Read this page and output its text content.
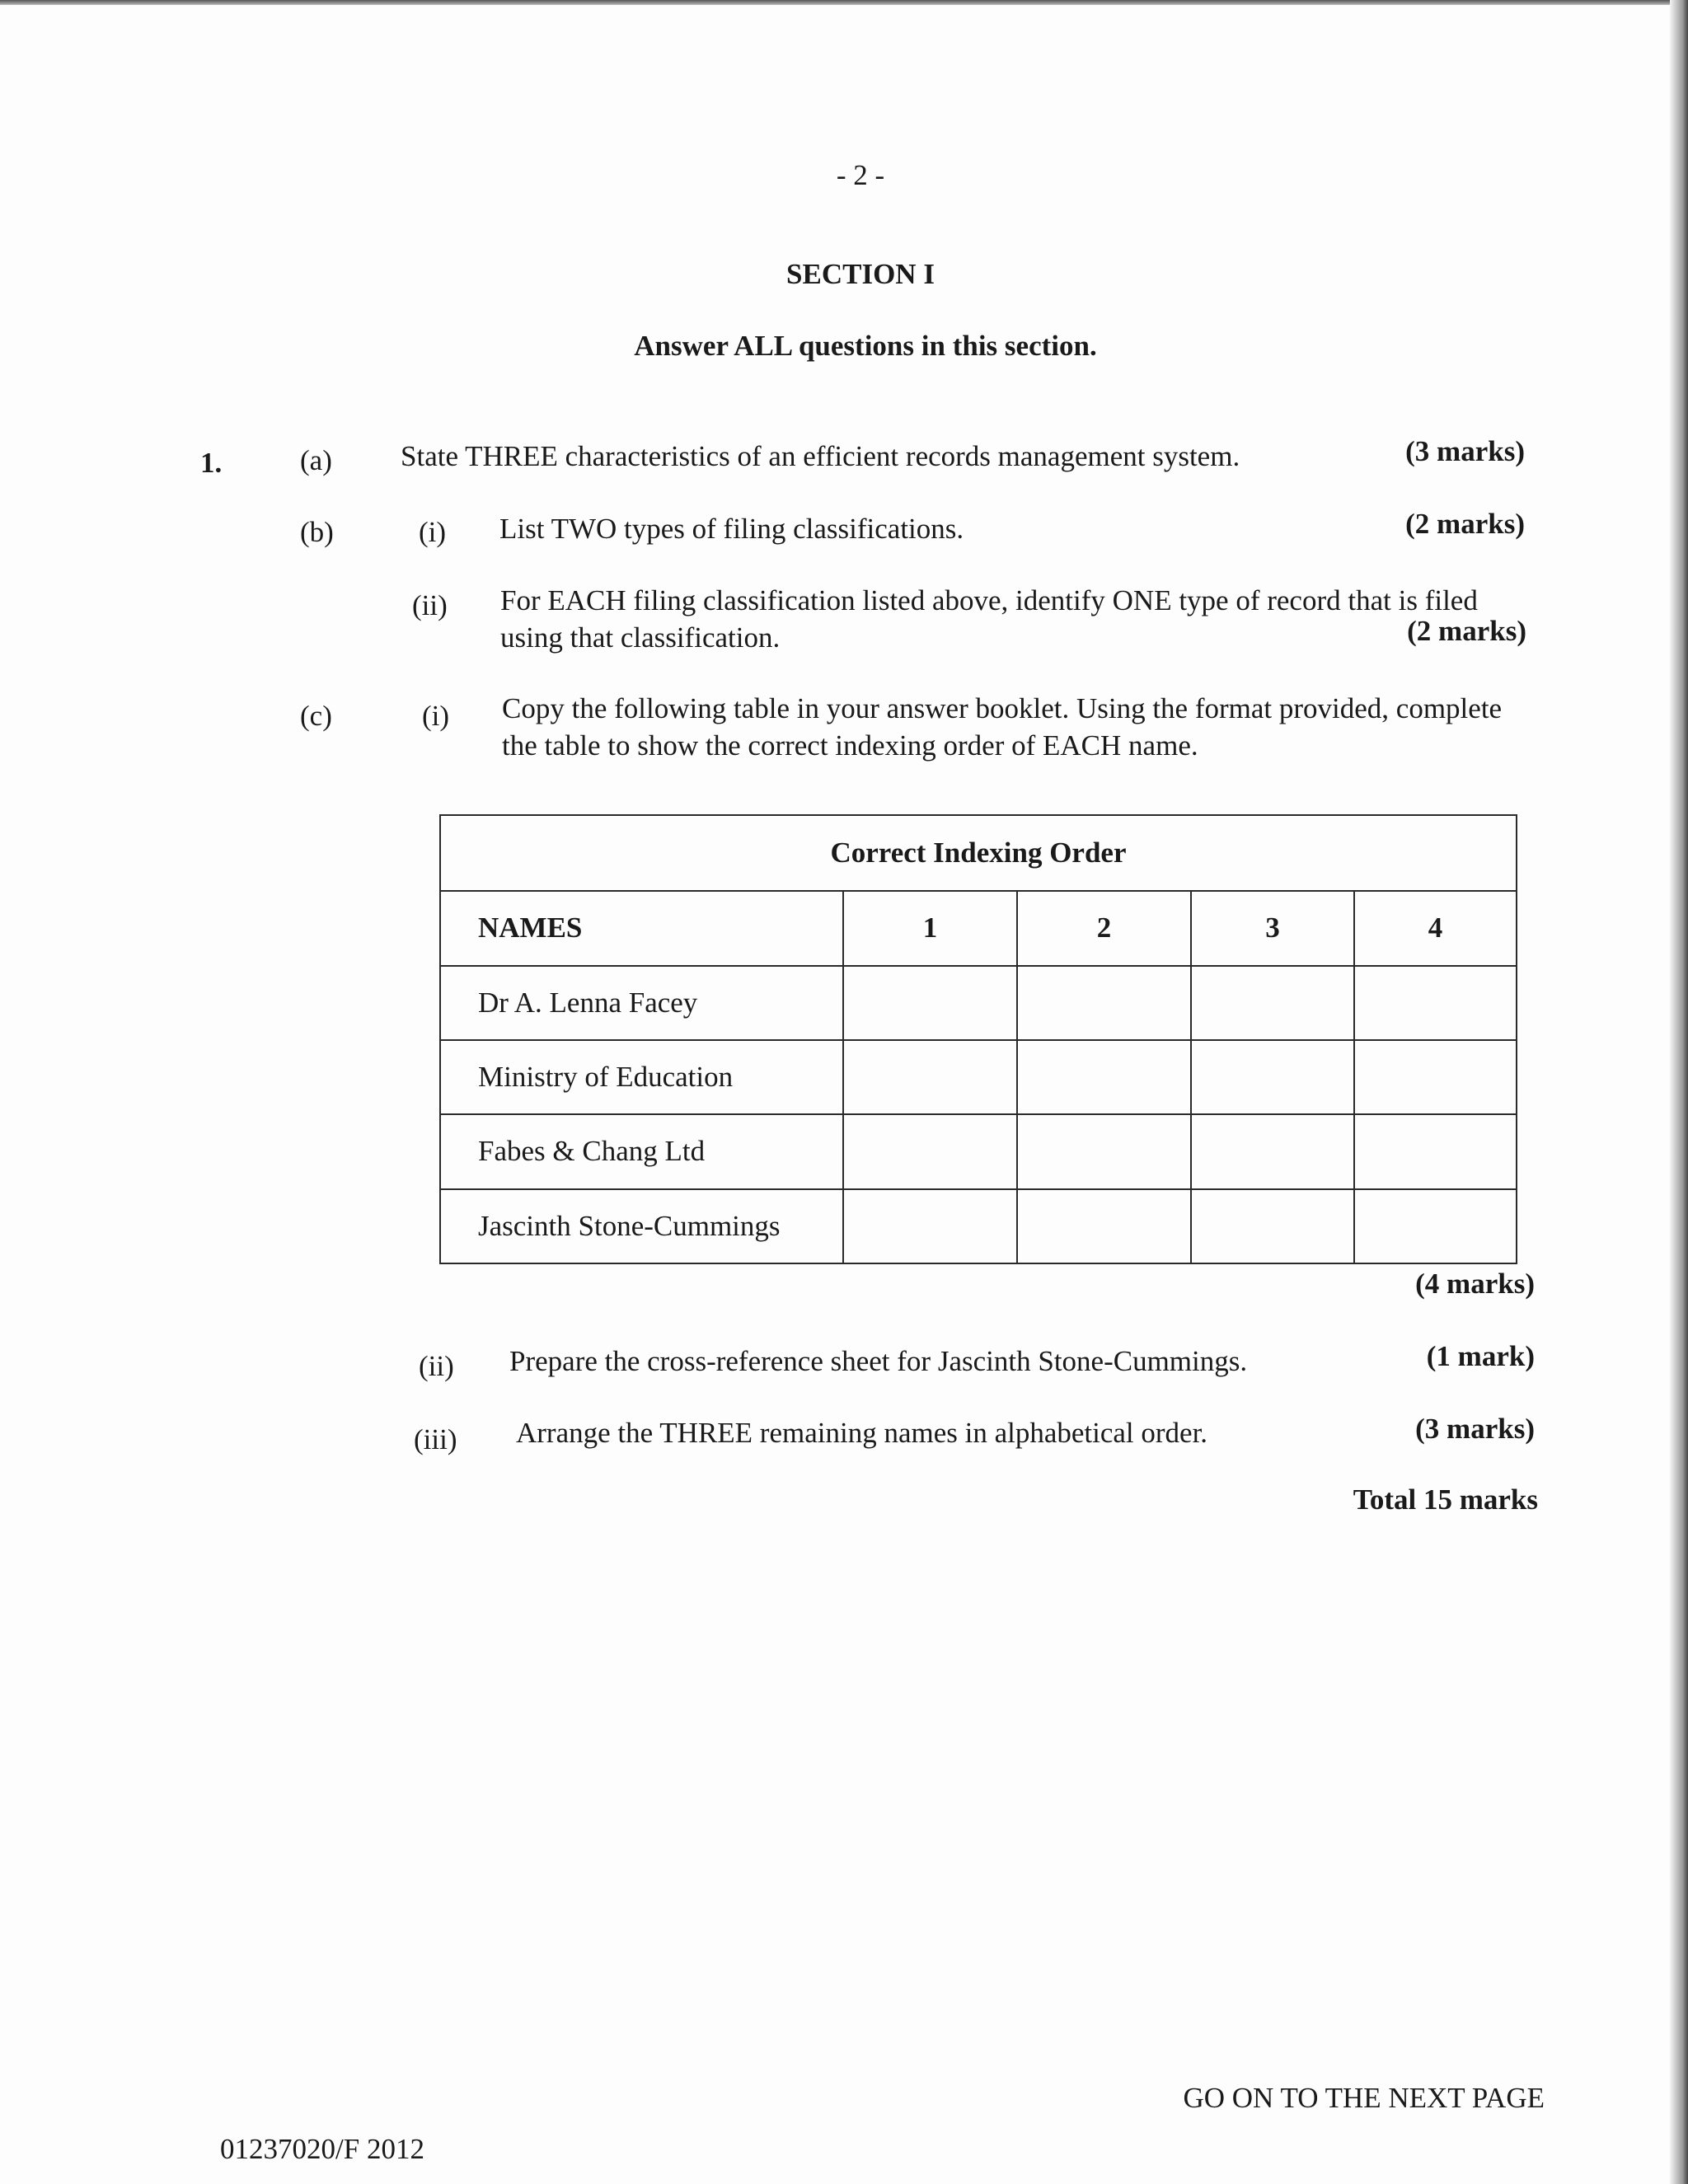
- 2 -
SECTION I
Answer ALL questions in this section.
1.	(a) State THREE characteristics of an efficient records management system.	(3 marks)
(b)	(i) List TWO types of filing classifications.	(2 marks)
(ii) For EACH filing classification listed above, identify ONE type of record that is filed
using that classification.	(2 marks)
(c)	(i) Copy the following table in your answer booklet. Using the format provided, complete
the table to show the correct indexing order of EACH name.
Correct Indexing Order				
NAMES	1	2	3	4
Dr A. Lenna Facey				
Ministry of Education				
Fabes & Chang Ltd				
Jascinth Stone-Cummings				
(4 marks)
(ii) Prepare the cross-reference sheet for Jascinth Stone-Cummings.	(1 mark)
(iii) Arrange the THREE remaining names in alphabetical order.	(3 marks)
Total 15 marks
GO ON TO THE NEXT PAGE
01237020/F 2012
